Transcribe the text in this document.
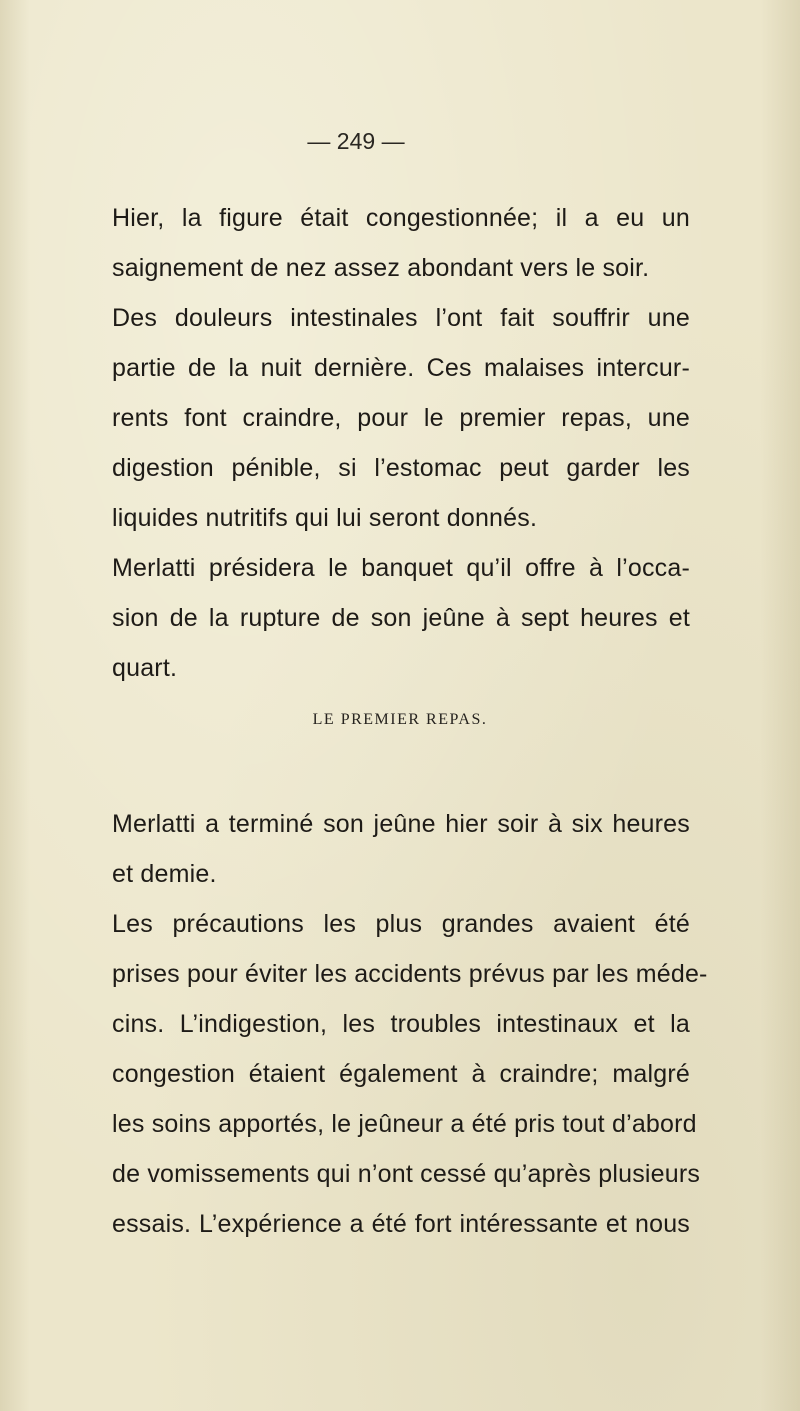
— 249 —
Hier, la figure était congestionnée; il a eu un
saignement de nez assez abondant vers le soir.
Des douleurs intestinales l’ont fait souffrir une
partie de la nuit dernière. Ces malaises intercur-
rents font craindre, pour le premier repas, une
digestion pénible, si l’estomac peut garder les
liquides nutritifs qui lui seront donnés.
Merlatti présidera le banquet qu’il offre à l’occa-
sion de la rupture de son jeûne à sept heures et
quart.
LE PREMIER REPAS.
Merlatti a terminé son jeûne hier soir à six heures
et demie.
Les précautions les plus grandes avaient été
prises pour éviter les accidents prévus par les méde-
cins. L’indigestion, les troubles intestinaux et la
congestion étaient également à craindre; malgré
les soins apportés, le jeûneur a été pris tout d’abord
de vomissements qui n’ont cessé qu’après plusieurs
essais. L’expérience a été fort intéressante et nous
